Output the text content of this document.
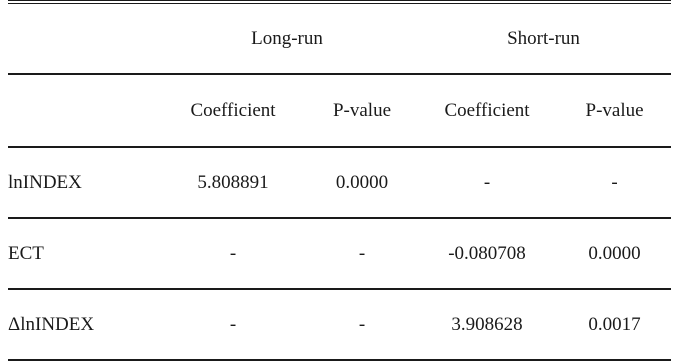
	Long-run		Short-run	
	Coefficient	P-value	Coefficient	P-value
lnINDEX	5.808891	0.0000	-	-
ECT	-	-	-0.080708	0.0000
ΔlnINDEX	-	-	3.908628	0.0017
